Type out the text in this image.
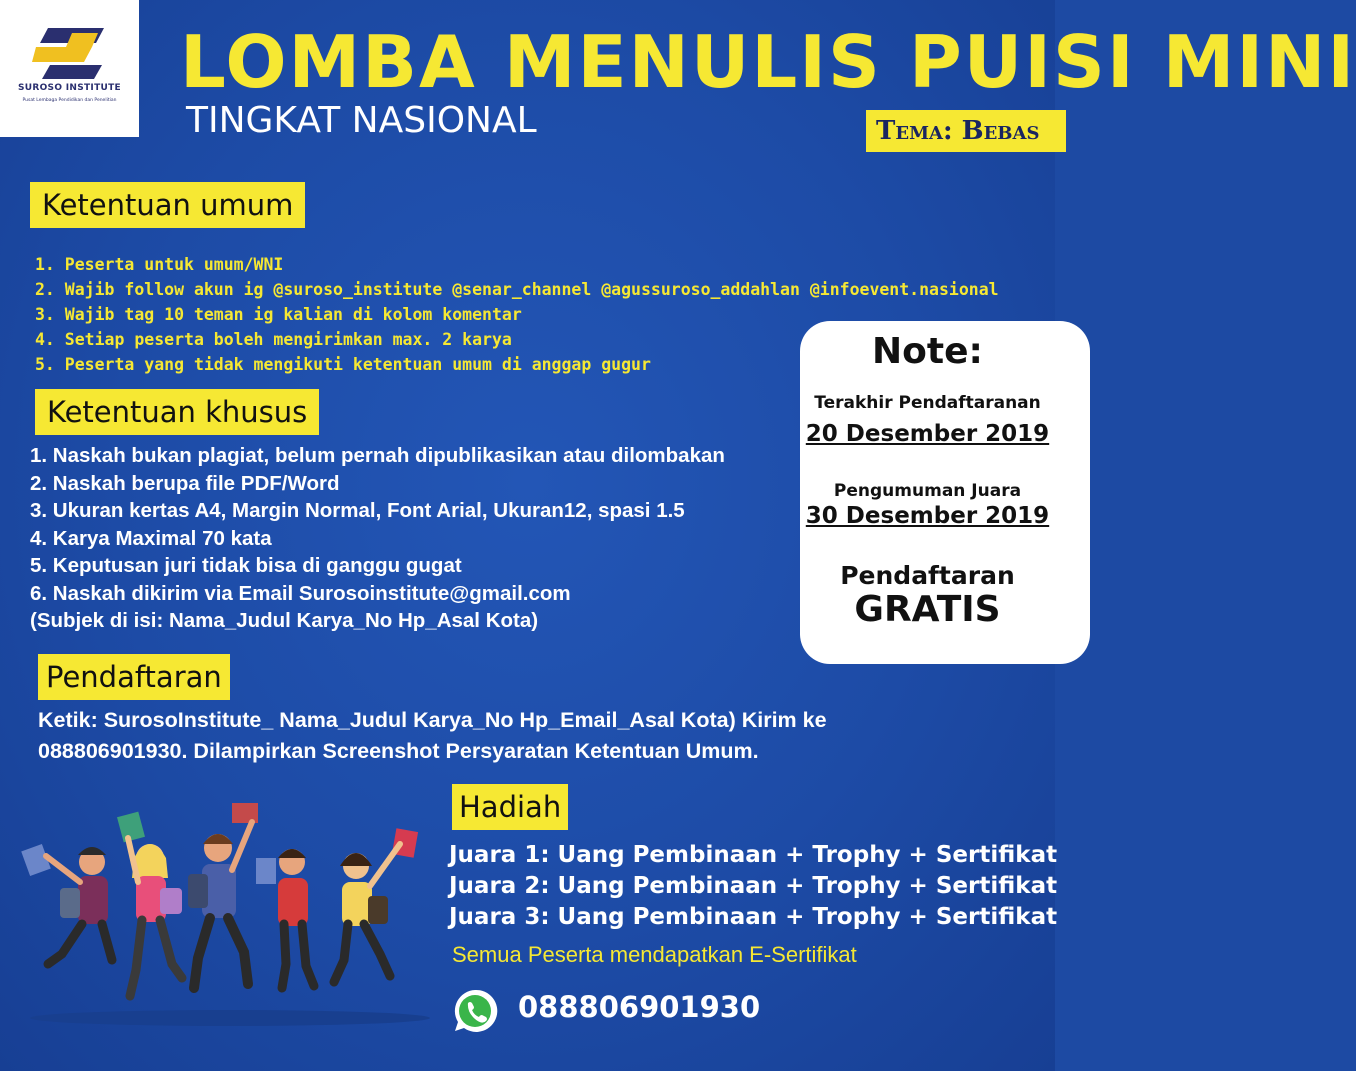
SUROSO INSTITUTE
Pusat Lembaga Pendidikan dan Penelitian LOMBA MENULIS PUISI MINI
TINGKAT NASIONAL	Tema: Bebas
Ketentuan umum
1. Peserta untuk umum/WNI
2. Wajib follow akun ig @suroso_institute @senar_channel @agussuroso_addahlan @infoevent.nasional
3. Wajib tag 10 teman ig kalian di kolom komentar
4. Setiap peserta boleh mengirimkan max. 2 karya
5. Peserta yang tidak mengikuti ketentuan umum di anggap gugur
Ketentuan khusus
1. Naskah bukan plagiat, belum pernah dipublikasikan atau dilombakan
2. Naskah berupa file PDF/Word
3. Ukuran kertas A4, Margin Normal, Font Arial, Ukuran12, spasi 1.5
4. Karya Maximal 70 kata
5. Keputusan juri tidak bisa di ganggu gugat
6. Naskah dikirim via Email Surosoinstitute@gmail.com
(Subjek di isi: Nama_Judul Karya_No Hp_Asal Kota)
Pendaftaran
Ketik: SurosoInstitute_ Nama_Judul Karya_No Hp_Email_Asal Kota) Kirim ke
088806901930. Dilampirkan Screenshot Persyaratan Ketentuan Umum.
Note:
Terakhir Pendaftaranan
20 Desember 2019
Pengumuman Juara
30 Desember 2019
Pendaftaran
GRATIS
Hadiah
Juara 1: Uang Pembinaan + Trophy + Sertifikat
Juara 2: Uang Pembinaan + Trophy + Sertifikat
Juara 3: Uang Pembinaan + Trophy + Sertifikat
Semua Peserta mendapatkan E-Sertifikat
088806901930
